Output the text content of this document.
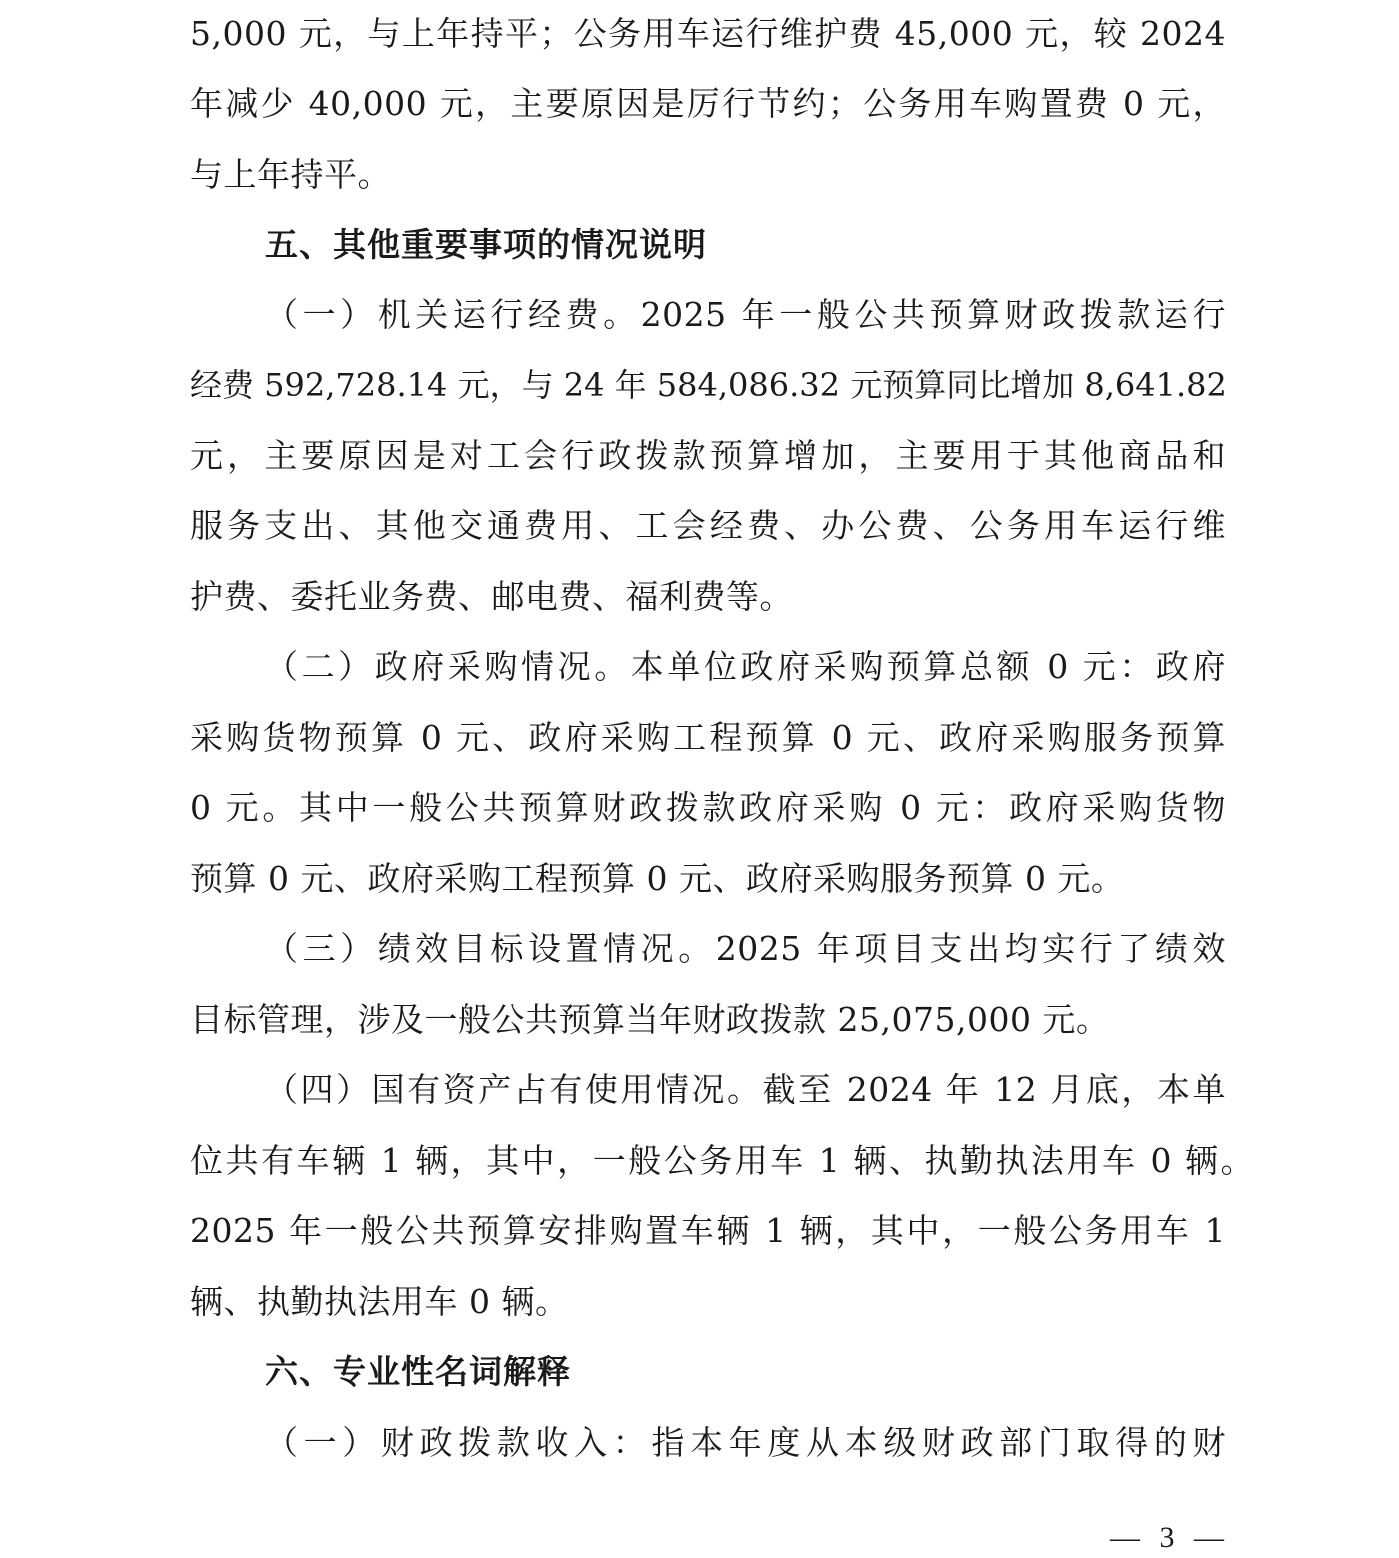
5,000 元，与上年持平；公务用车运行维护费 45,000 元，较 2024
年减少 40,000 元，主要原因是厉行节约；公务用车购置费 0 元，
与上年持平。
五、其他重要事项的情况说明
（一）机关运行经费。2025 年一般公共预算财政拨款运行
经费 592,728.14 元，与 24 年 584,086.32 元预算同比增加 8,641.82
元，主要原因是对工会行政拨款预算增加，主要用于其他商品和
服务支出、其他交通费用、工会经费、办公费、公务用车运行维
护费、委托业务费、邮电费、福利费等。
（二）政府采购情况。本单位政府采购预算总额 0 元：政府
采购货物预算 0 元、政府采购工程预算 0 元、政府采购服务预算
0 元。其中一般公共预算财政拨款政府采购 0 元：政府采购货物
预算 0 元、政府采购工程预算 0 元、政府采购服务预算 0 元。
（三）绩效目标设置情况。2025 年项目支出均实行了绩效
目标管理，涉及一般公共预算当年财政拨款 25,075,000 元。
（四）国有资产占有使用情况。截至 2024 年 12 月底，本单
位共有车辆 1 辆，其中，一般公务用车 1 辆、执勤执法用车 0 辆。
2025 年一般公共预算安排购置车辆 1 辆，其中，一般公务用车 1
辆、执勤执法用车 0 辆。
六、专业性名词解释
（一）财政拨款收入：指本年度从本级财政部门取得的财
— 3 —
